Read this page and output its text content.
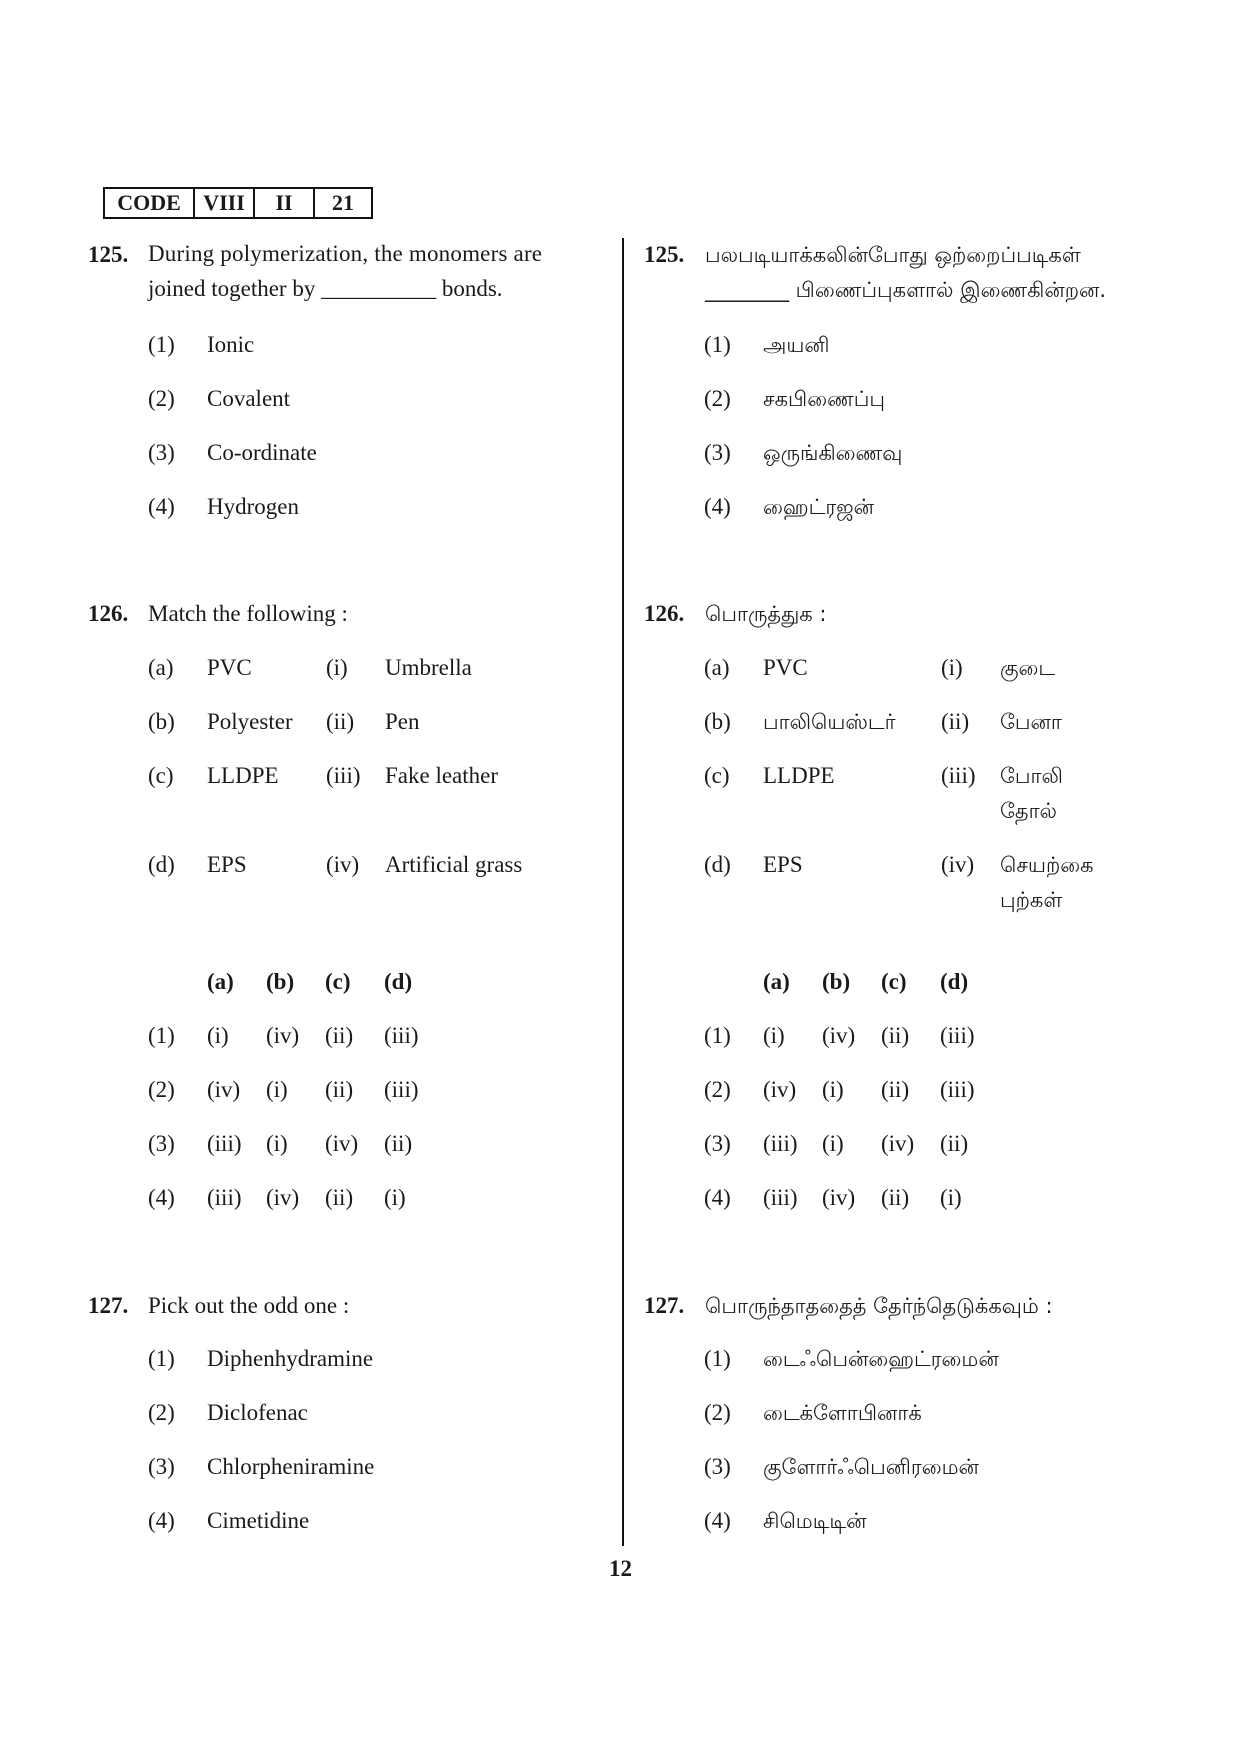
CODE	VIII	II	21
125. During polymerization, the monomers are
joined together by __________ bonds.
(1) Ionic
(2) Covalent
(3) Co-ordinate
(4) Hydrogen
126. Match the following :
(a) PVC	(i) Umbrella
(b) Polyester (ii) Pen
(c) LLDPE (iii) Fake leather
(d) EPS	(iv) Artificial grass
(a) (b) (c) (d)
(1) (i) (iv) (ii) (iii)
(2) (iv) (i) (ii) (iii)
(3) (iii) (i) (iv) (ii)
(4) (iii) (iv) (ii) (i)
127. Pick out the odd one :
(1) Diphenhydramine
(2) Diclofenac
(3) Chlorpheniramine
(4) Cimetidine
125. பலபடியாக்கலின்போது ஒற்றைப்படிகள்
________ பிணைப்புகளால் இணைகின்றன.
(1) அயனி
(2) சகபிணைப்பு
(3) ஒருங்கிணைவு
(4) ஹைட்ரஜன்
126. பொருத்துக :
(a) PVC	(i) குடை
(b) பாலியெஸ்டர் (ii) பேனா
(c) LLDPE	(iii) போலி
தோல்
(d) EPS	(iv) செயற்கை
புற்கள்
(a) (b) (c) (d)
(1) (i) (iv) (ii) (iii)
(2) (iv) (i) (ii) (iii)
(3) (iii) (i) (iv) (ii)
(4) (iii) (iv) (ii) (i)
127. பொருந்தாததைத் தேர்ந்தெடுக்கவும் :
(1) டைஃபென்ஹைட்ரமைன்
(2) டைக்ளோபினாக்
(3) குளோர்ஃபெனிரமைன்
(4) சிமெடிடின்
12
